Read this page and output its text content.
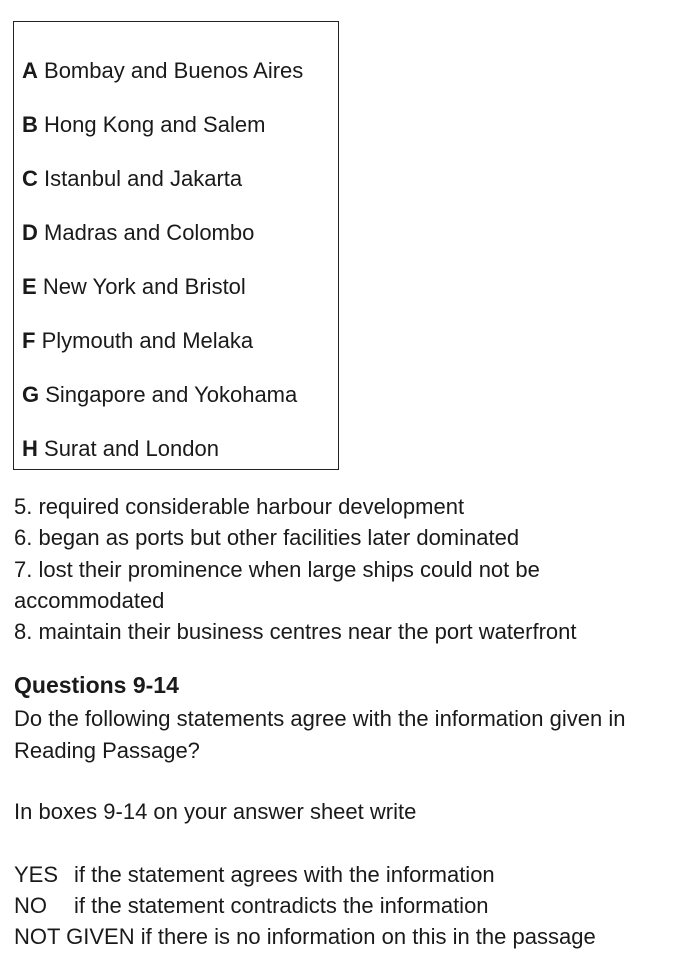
A Bombay and Buenos Aires
B Hong Kong and Salem
C Istanbul and Jakarta
D Madras and Colombo
E New York and Bristol
F Plymouth and Melaka
G Singapore and Yokohama
H Surat and London
5. required considerable harbour development
6. began as ports but other facilities later dominated
7. lost their prominence when large ships could not be
accommodated
8. maintain their business centres near the port waterfront
Questions 9-14
Do the following statements agree with the information given in
Reading Passage?
In boxes 9-14 on your answer sheet write
YES if the statement agrees with the information
NO if the statement contradicts the information
NOT GIVEN if there is no information on this in the passage
